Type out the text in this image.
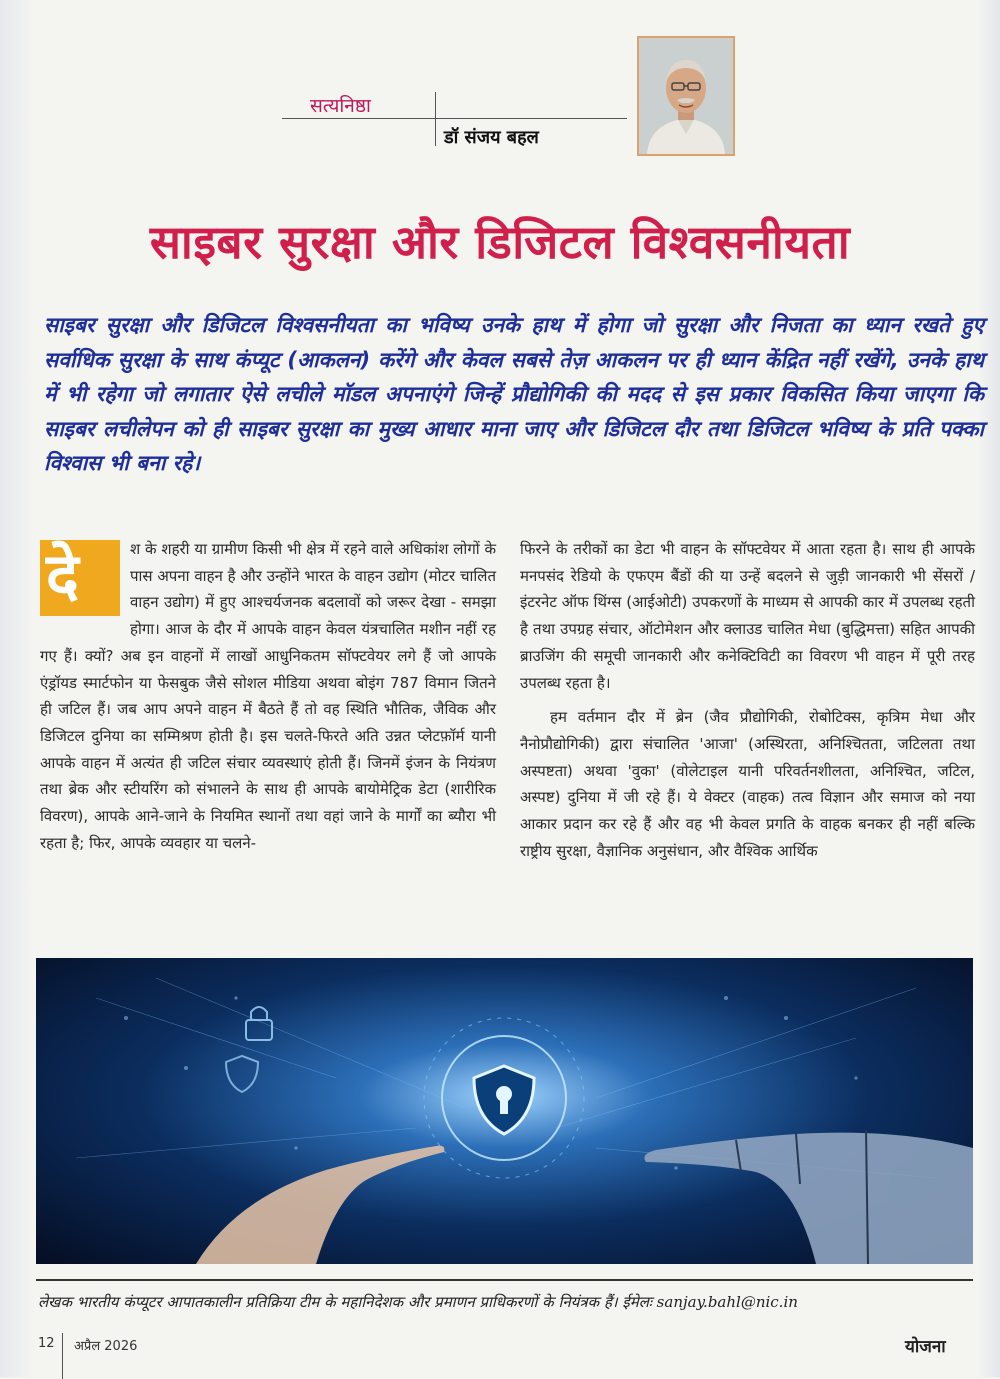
सत्यनिष्ठा
डॉ संजय बहल
साइबर सुरक्षा और डिजिटल विश्वसनीयता
साइबर सुरक्षा और डिजिटल विश्वसनीयता का भविष्य उनके हाथ में होगा जो सुरक्षा और निजता का ध्यान रखते हुए सर्वाधिक सुरक्षा के साथ कंप्यूट (आकलन) करेंगे और केवल सबसे तेज़ आकलन पर ही ध्यान केंद्रित नहीं रखेंगे, उनके हाथ में भी रहेगा जो लगातार ऐसे लचीले मॉडल अपनाएंगे जिन्हें प्रौद्योगिकी की मदद से इस प्रकार विकसित किया जाएगा कि साइबर लचीलेपन को ही साइबर सुरक्षा का मुख्य आधार माना जाए और डिजिटल दौर तथा डिजिटल भविष्य के प्रति पक्का विश्वास भी बना रहे।
दे	श के शहरी या ग्रामीण किसी भी क्षेत्र में रहने वाले अधिकांश लोगों के पास अपना वाहन है और उन्होंने भारत के वाहन उद्योग (मोटर चालित वाहन उद्योग) में हुए आश्चर्यजनक बदलावों को जरूर देखा - समझा होगा। आज के दौर में आपके वाहन केवल यंत्रचालित मशीन नहीं रह गए हैं। क्यों? अब इन वाहनों में लाखों आधुनिकतम सॉफ्टवेयर लगे हैं जो आपके एंड्रॉयड स्मार्टफोन या फेसबुक जैसे सोशल मीडिया अथवा बोइंग 787 विमान जितने ही जटिल हैं। जब आप अपने वाहन में बैठते हैं तो वह स्थिति भौतिक, जैविक और डिजिटल दुनिया का सम्मिश्रण होती है। इस चलते-फिरते अति उन्नत प्लेटफ़ॉर्म यानी आपके वाहन में अत्यंत ही जटिल संचार व्यवस्थाएं होती हैं। जिनमें इंजन के नियंत्रण तथा ब्रेक और स्टीयरिंग को संभालने के साथ ही आपके बायोमेट्रिक डेटा (शारीरिक विवरण), आपके आने-जाने के नियमित स्थानों तथा वहां जाने के मार्गों का ब्यौरा भी रहता है; फिर, आपके व्यवहार या चलने-

फिरने के तरीकों का डेटा भी वाहन के सॉफ्टवेयर में आता रहता है। साथ ही आपके मनपसंद रेडियो के एफएम बैंडों की या उन्हें बदलने से जुड़ी जानकारी भी सेंसरों / इंटरनेट ऑफ थिंग्स (आईओटी) उपकरणों के माध्यम से आपकी कार में उपलब्ध रहती है तथा उपग्रह संचार, ऑटोमेशन और क्लाउड चालित मेधा (बुद्धिमत्ता) सहित आपकी ब्राउजिंग की समूची जानकारी और कनेक्टिविटी का विवरण भी वाहन में पूरी तरह उपलब्ध रहता है।

हम वर्तमान दौर में ब्रेन (जैव प्रौद्योगिकी, रोबोटिक्स, कृत्रिम मेधा और नैनोप्रौद्योगिकी) द्वारा संचालित 'आजा' (अस्थिरता, अनिश्चितता, जटिलता तथा अस्पष्टता) अथवा 'वुका' (वोलेटाइल यानी परिवर्तनशीलता, अनिश्चित, जटिल, अस्पष्ट) दुनिया में जी रहे हैं। ये वेक्टर (वाहक) तत्व विज्ञान और समाज को नया आकार प्रदान कर रहे हैं और वह भी केवल प्रगति के वाहक बनकर ही नहीं बल्कि राष्ट्रीय सुरक्षा, वैज्ञानिक अनुसंधान, और वैश्विक आर्थिक

लेखक भारतीय कंप्यूटर आपातकालीन प्रतिक्रिया टीम के महानिदेशक और प्रमाणन प्राधिकरणों के नियंत्रक हैं। ईमेलः sanjay.bahl@nic.in
12 अप्रैल 2026	योजना
